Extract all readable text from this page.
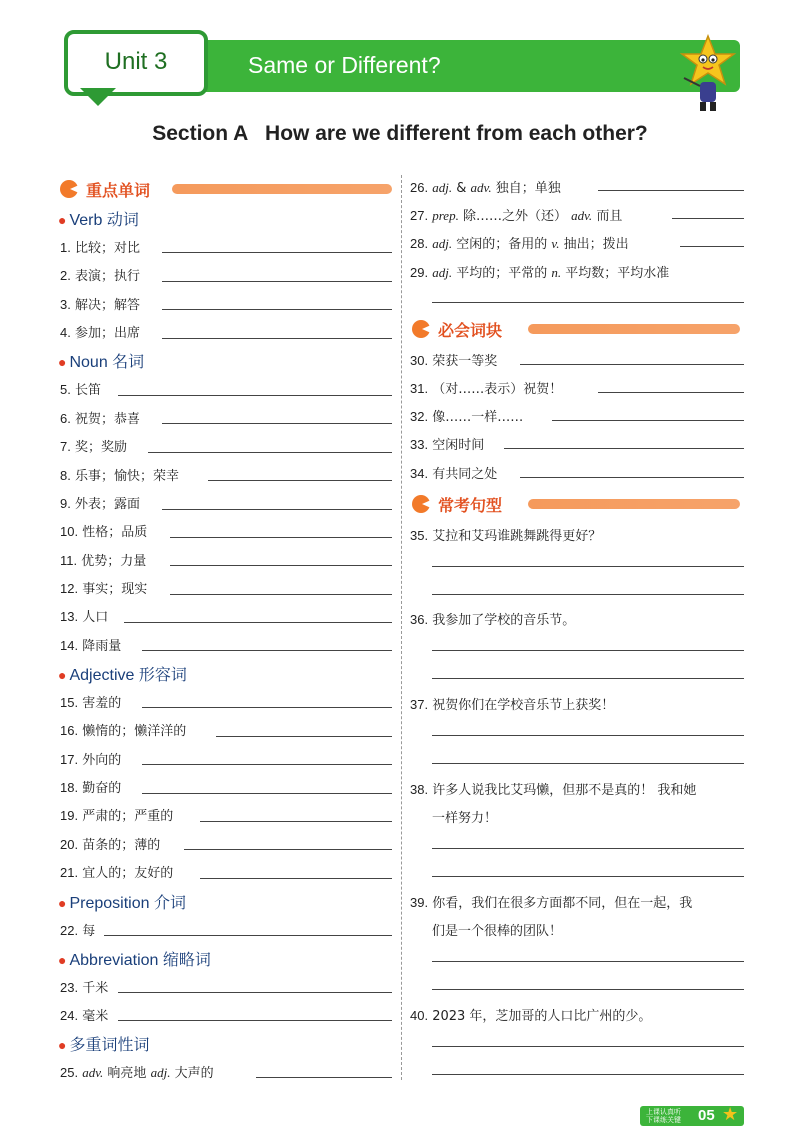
Unit 3	Same or Different?
Section A   How are we different from each other?
重点单词
● Verb 动词
1. 比较；对比
2. 表演；执行
3. 解决；解答
4. 参加；出席
● Noun 名词
5. 长笛
6. 祝贺；恭喜
7. 奖；奖励
8. 乐事；愉快；荣幸
9. 外表；露面
10. 性格；品质
11. 优势；力量
12. 事实；现实
13. 人口
14. 降雨量
● Adjective 形容词
15. 害羞的
16. 懒惰的；懒洋洋的
17. 外向的
18. 勤奋的
19. 严肃的；严重的
20. 苗条的；薄的
21. 宜人的；友好的
● Preposition 介词
22. 每
● Abbreviation 缩略词
23. 千米
24. 毫米
● 多重词性词
25. adv. 响亮地 adj. 大声的
26. adj. & adv. 独自；单独
27. prep. 除……之外（还） adv. 而且
28. adj. 空闲的；备用的 v. 抽出；拨出
29. adj. 平均的；平常的 n. 平均数；平均水准
必会词块
30. 荣获一等奖
31. （对……表示）祝贺！
32. 像……一样……
33. 空闲时间
34. 有共同之处
常考句型
35. 艾拉和艾玛谁跳舞跳得更好？
36. 我参加了学校的音乐节。
37. 祝贺你们在学校音乐节上获奖！
38. 许多人说我比艾玛懒，但那不是真的！ 我和她
一样努力！
39. 你看，我们在很多方面都不同，但在一起，我
们是一个很棒的团队！
40. 2023 年，芝加哥的人口比广州的少。
上课认真听
下课练关键 05 ★
